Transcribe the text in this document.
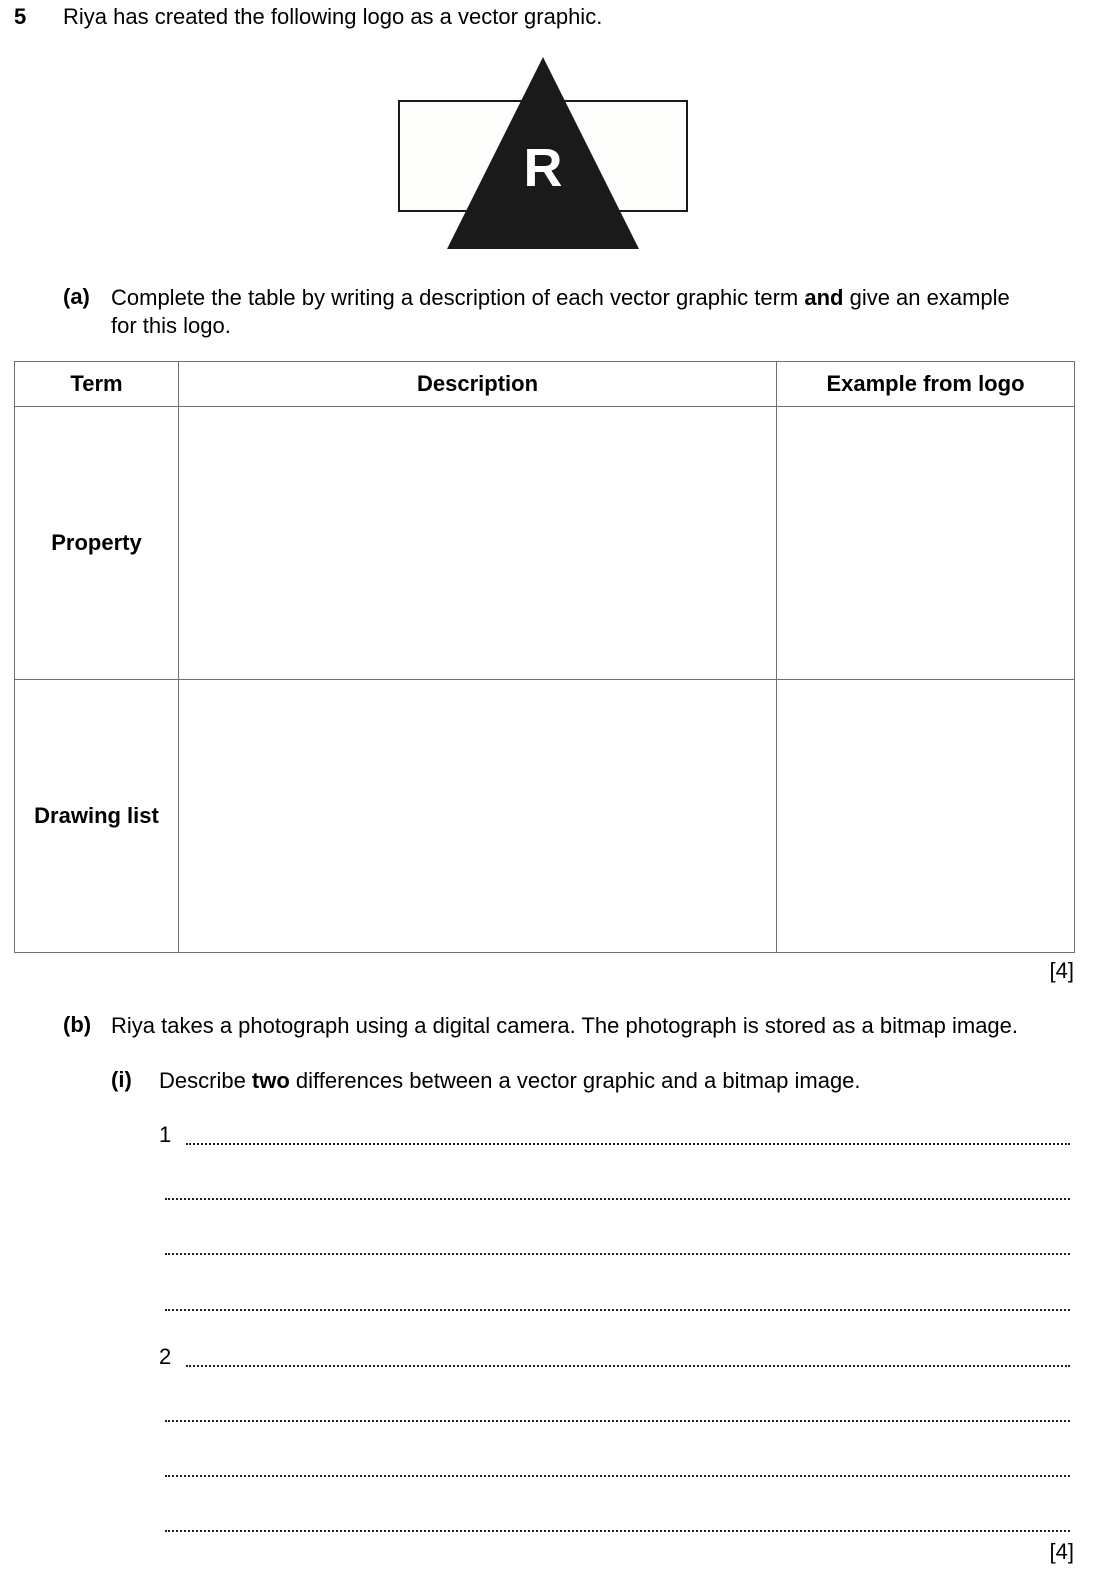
5 Riya has created the following logo as a vector graphic.
R
(a) Complete the table by writing a description of each vector graphic term and give an example
for this logo.
Term	Description	Example from logo
Property		
Drawing list		
[4]
(b) Riya takes a photograph using a digital camera. The photograph is stored as a bitmap image.
(i) Describe two differences between a vector graphic and a bitmap image.
1
2
[4]
